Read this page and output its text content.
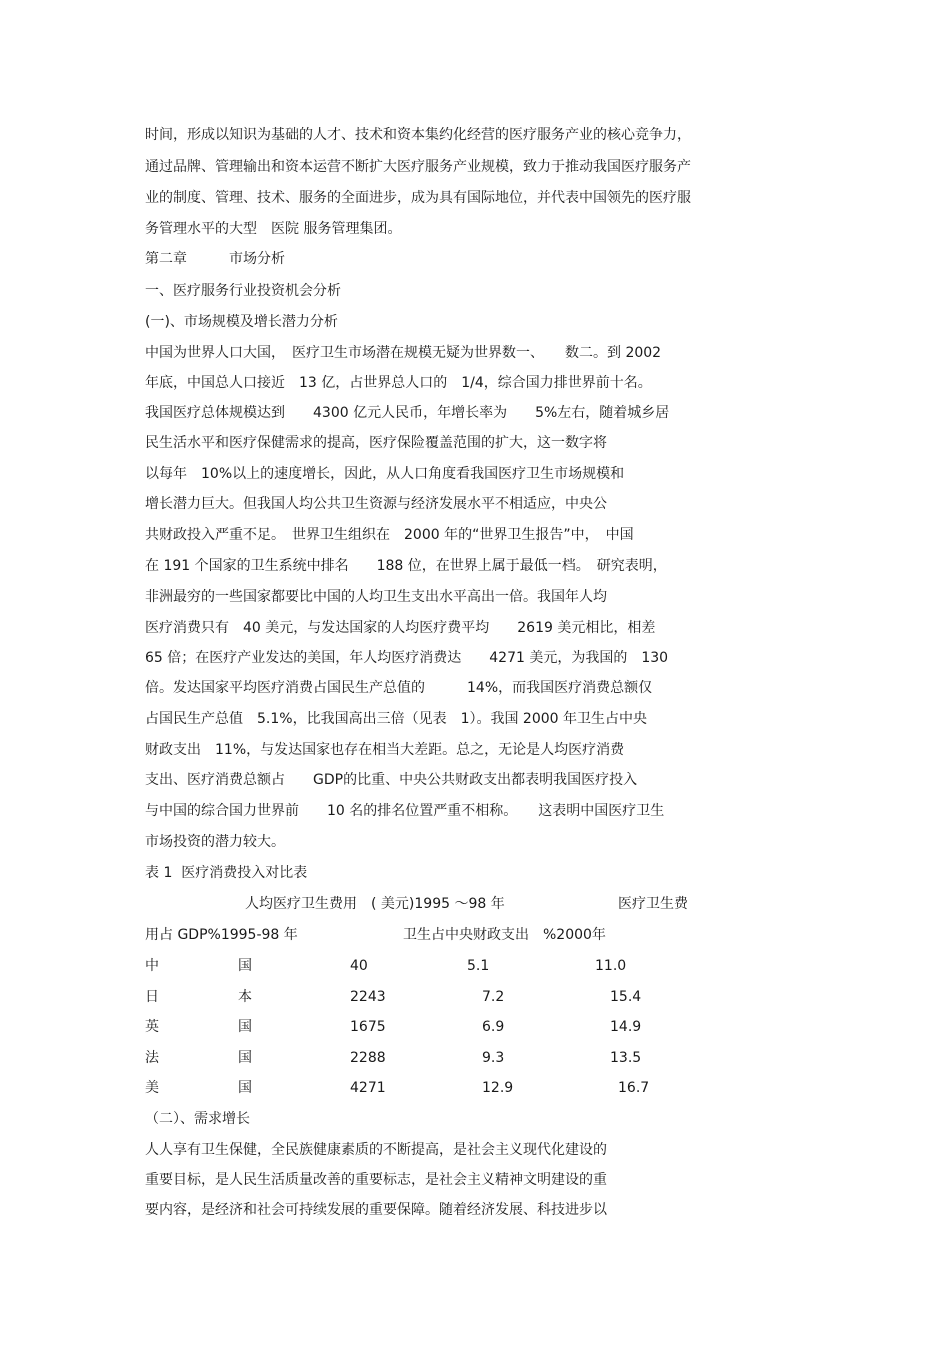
时间，形成以知识为基础的人才、技术和资本集约化经营的医疗服务产业的核心竞争力，
通过品牌、管理输出和资本运营不断扩大医疗服务产业规模，致力于推动我国医疗服务产
业的制度、管理、技术、服务的全面进步，成为具有国际地位，并代表中国领先的医疗服
务管理水平的大型　医院 服务管理集团。
第二章　　　市场分析
一、医疗服务行业投资机会分析
(一)、市场规模及增长潜力分析
中国为世界人口大国，　医疗卫生市场潜在规模无疑为世界数一、　　数二。到 2002
年底，中国总人口接近　13 亿，占世界总人口的　1/4，综合国力排世界前十名。
我国医疗总体规模达到　　4300 亿元人民币，年增长率为　　5%左右，随着城乡居
民生活水平和医疗保健需求的提高，医疗保险覆盖范围的扩大，这一数字将
以每年　10%以上的速度增长，因此，从人口角度看我国医疗卫生市场规模和
增长潜力巨大。但我国人均公共卫生资源与经济发展水平不相适应，中央公
共财政投入严重不足。　世界卫生组织在　2000 年的“世界卫生报告”中，　中国
在 191 个国家的卫生系统中排名　　188 位，在世界上属于最低一档。　研究表明，
非洲最穷的一些国家都要比中国的人均卫生支出水平高出一倍。我国年人均
医疗消费只有　40 美元，与发达国家的人均医疗费平均　　2619 美元相比，相差
65 倍；在医疗产业发达的美国，年人均医疗消费达　　4271 美元，为我国的　130
倍。发达国家平均医疗消费占国民生产总值的　　　14%，而我国医疗消费总额仅
占国民生产总值　5.1%，比我国高出三倍（见表　1）。我国 2000 年卫生占中央
财政支出　11%，与发达国家也存在相当大差距。总之，无论是人均医疗消费
支出、医疗消费总额占　　GDP的比重、中央公共财政支出都表明我国医疗投入
与中国的综合国力世界前　　10 名的排名位置严重不相称。　　这表明中国医疗卫生
市场投资的潜力较大。
表 1  医疗消费投入对比表
人均医疗卫生费用　( 美元)1995 ～98 年	医疗卫生费
用占 GDP%1995-98 年	卫生占中央财政支出　%2000年
中	国	40	5.1	11.0
日	本	2243	7.2	15.4
英	国	1675	6.9	14.9
法	国	2288	9.3	13.5
美	国	4271	12.9	16.7
（二）、需求增长
人人享有卫生保健，全民族健康素质的不断提高，是社会主义现代化建设的
重要目标，是人民生活质量改善的重要标志，是社会主义精神文明建设的重
要内容，是经济和社会可持续发展的重要保障。随着经济发展、科技进步以
